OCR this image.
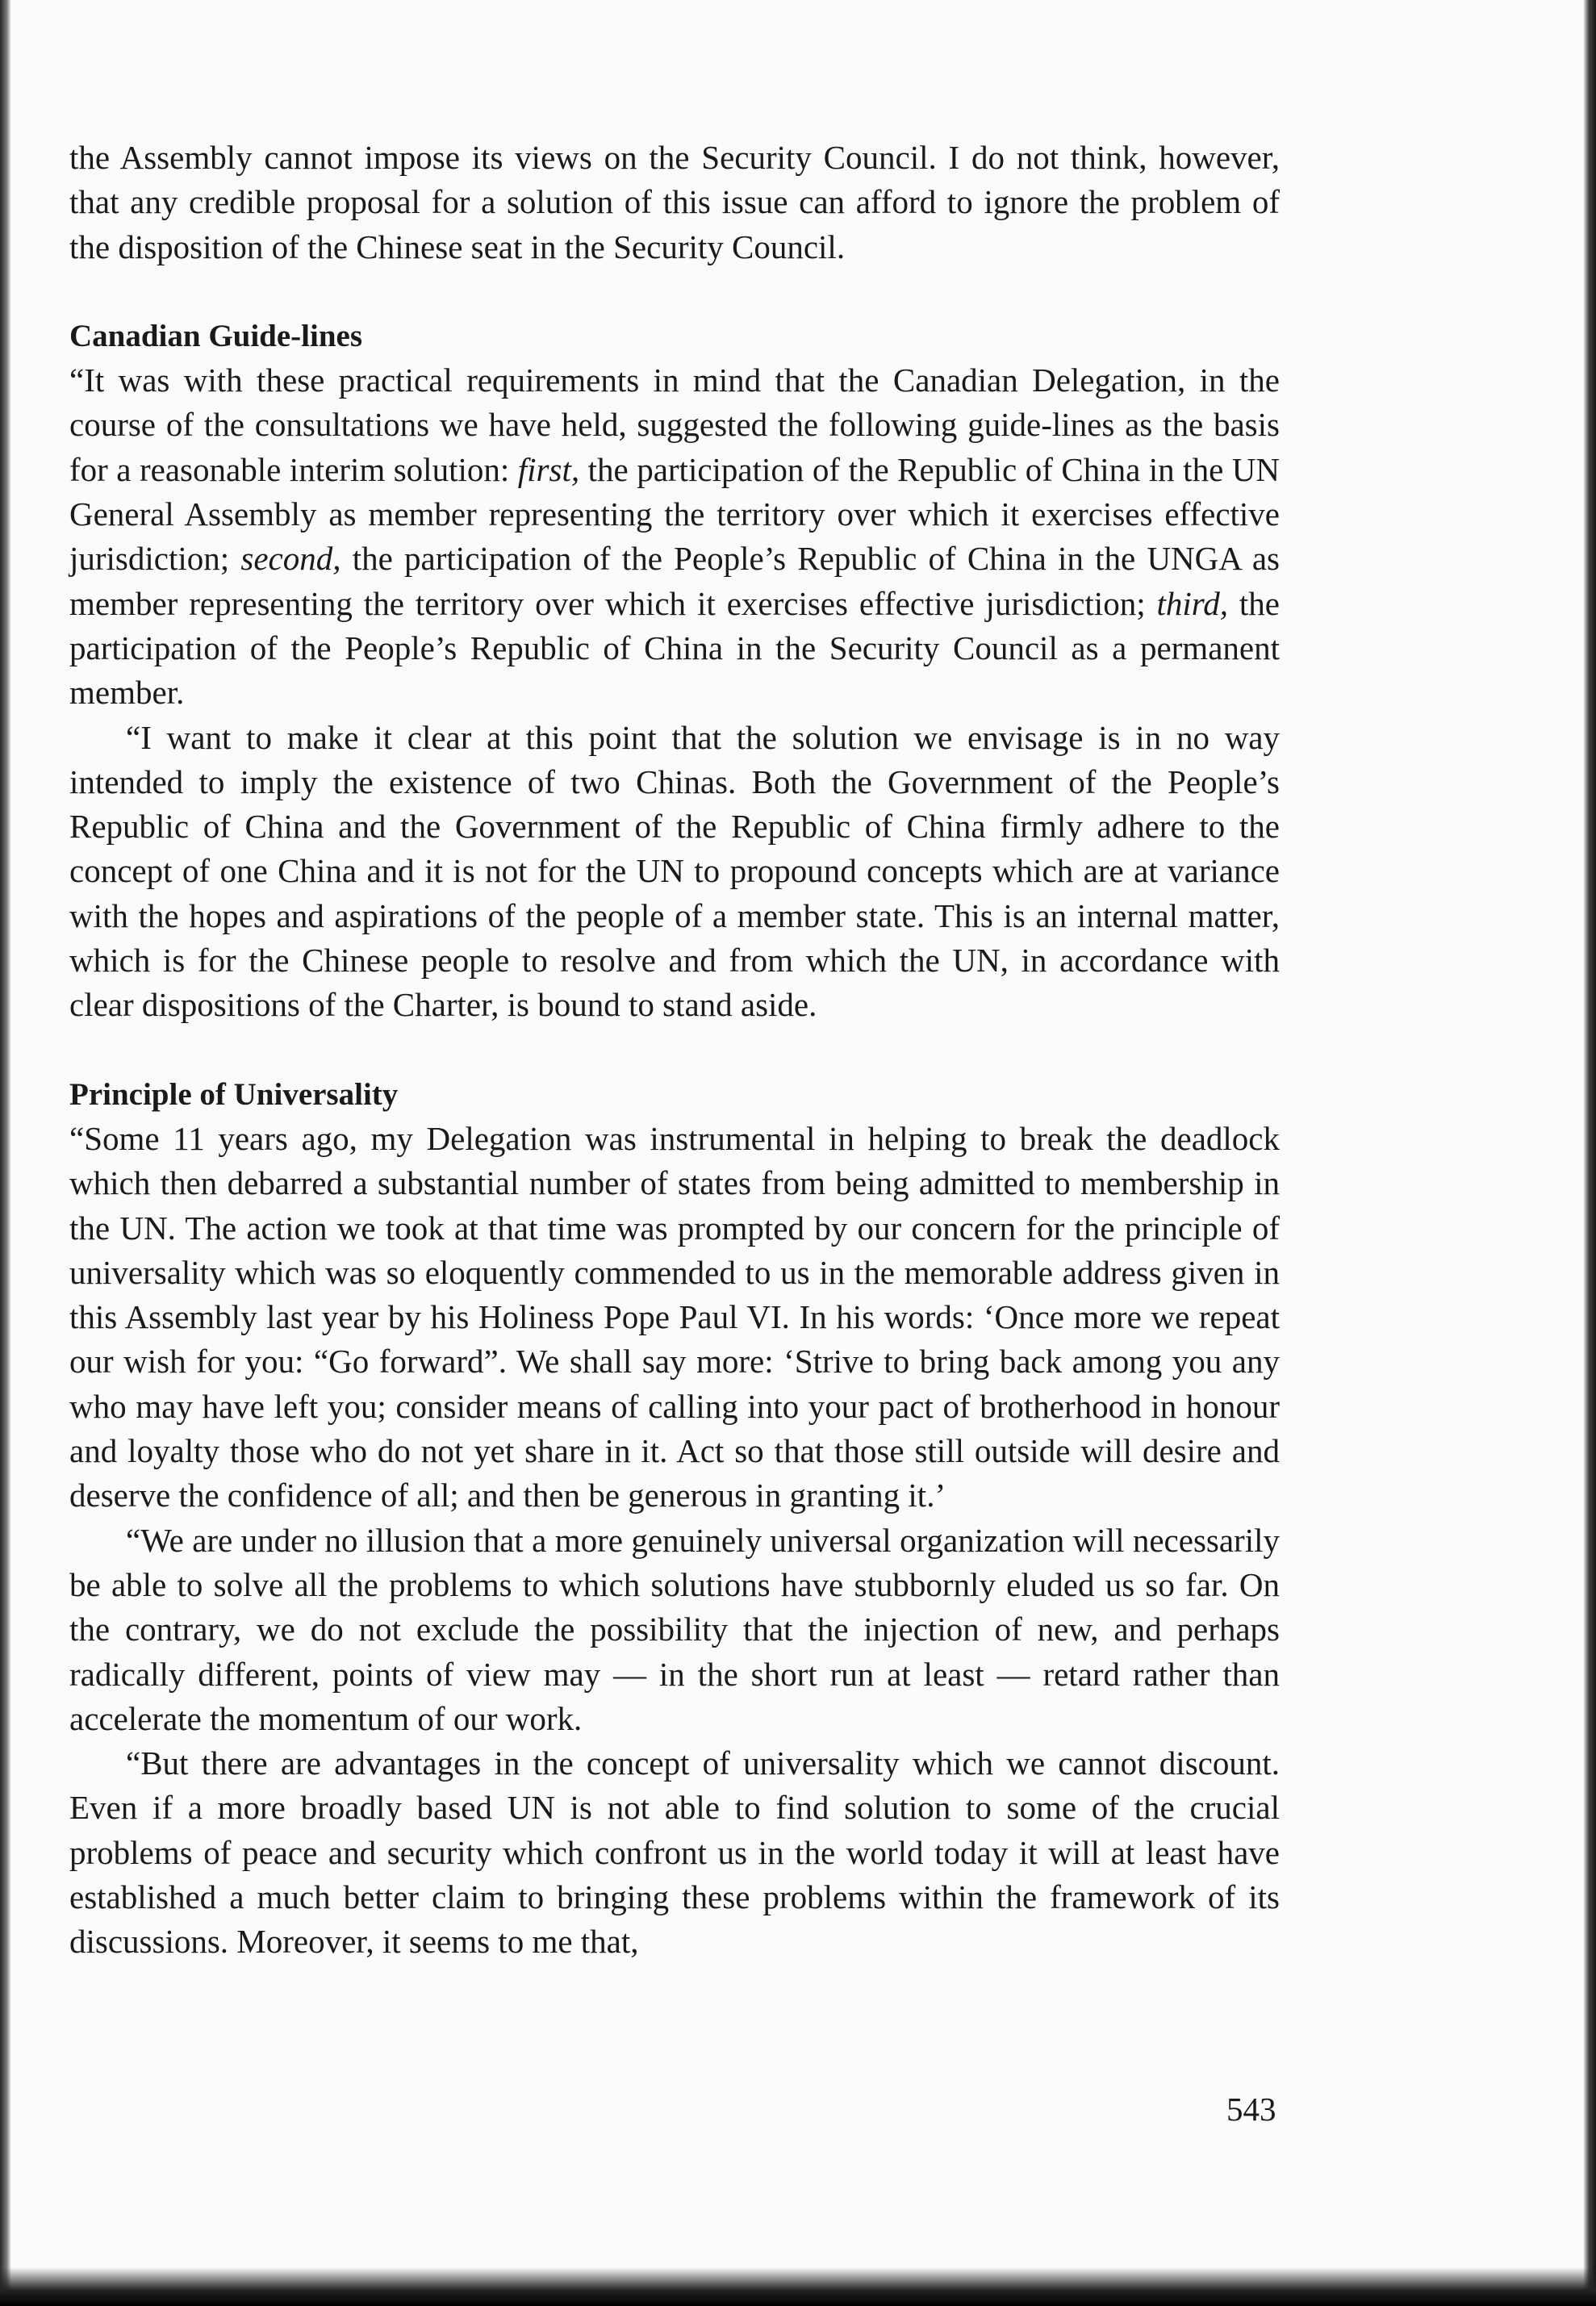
the Assembly cannot impose its views on the Security Council. I do not think, however, that any credible proposal for a solution of this issue can afford to ignore the problem of the disposition of the Chinese seat in the Security Council.

Canadian Guide-lines

“It was with these practical requirements in mind that the Canadian Delegation, in the course of the consultations we have held, suggested the following guide-lines as the basis for a reasonable interim solution: first, the participation of the Republic of China in the UN General Assembly as member representing the territory over which it exercises effective jurisdiction; second, the participation of the People’s Republic of China in the UNGA as member representing the territory over which it exercises effective jurisdiction; third, the participation of the People’s Republic of China in the Security Council as a permanent member.

“I want to make it clear at this point that the solution we envisage is in no way intended to imply the existence of two Chinas. Both the Government of the People’s Republic of China and the Government of the Republic of China firmly adhere to the concept of one China and it is not for the UN to propound concepts which are at variance with the hopes and aspirations of the people of a member state. This is an internal matter, which is for the Chinese people to resolve and from which the UN, in accordance with clear dispositions of the Charter, is bound to stand aside.

Principle of Universality

“Some 11 years ago, my Delegation was instrumental in helping to break the deadlock which then debarred a substantial number of states from being admitted to membership in the UN. The action we took at that time was prompted by our concern for the principle of universality which was so eloquently commended to us in the memorable address given in this Assembly last year by his Holiness Pope Paul VI. In his words: ‘Once more we repeat our wish for you: “Go forward”. We shall say more: ‘Strive to bring back among you any who may have left you; consider means of calling into your pact of brotherhood in honour and loyalty those who do not yet share in it. Act so that those still outside will desire and deserve the confidence of all; and then be generous in granting it.’

“We are under no illusion that a more genuinely universal organization will necessarily be able to solve all the problems to which solutions have stubbornly eluded us so far. On the contrary, we do not exclude the possibility that the injection of new, and perhaps radically different, points of view may — in the short run at least — retard rather than accelerate the momentum of our work.

“But there are advantages in the concept of universality which we cannot discount. Even if a more broadly based UN is not able to find solution to some of the crucial problems of peace and security which confront us in the world today it will at least have established a much better claim to bringing these problems within the framework of its discussions. Moreover, it seems to me that,

543
